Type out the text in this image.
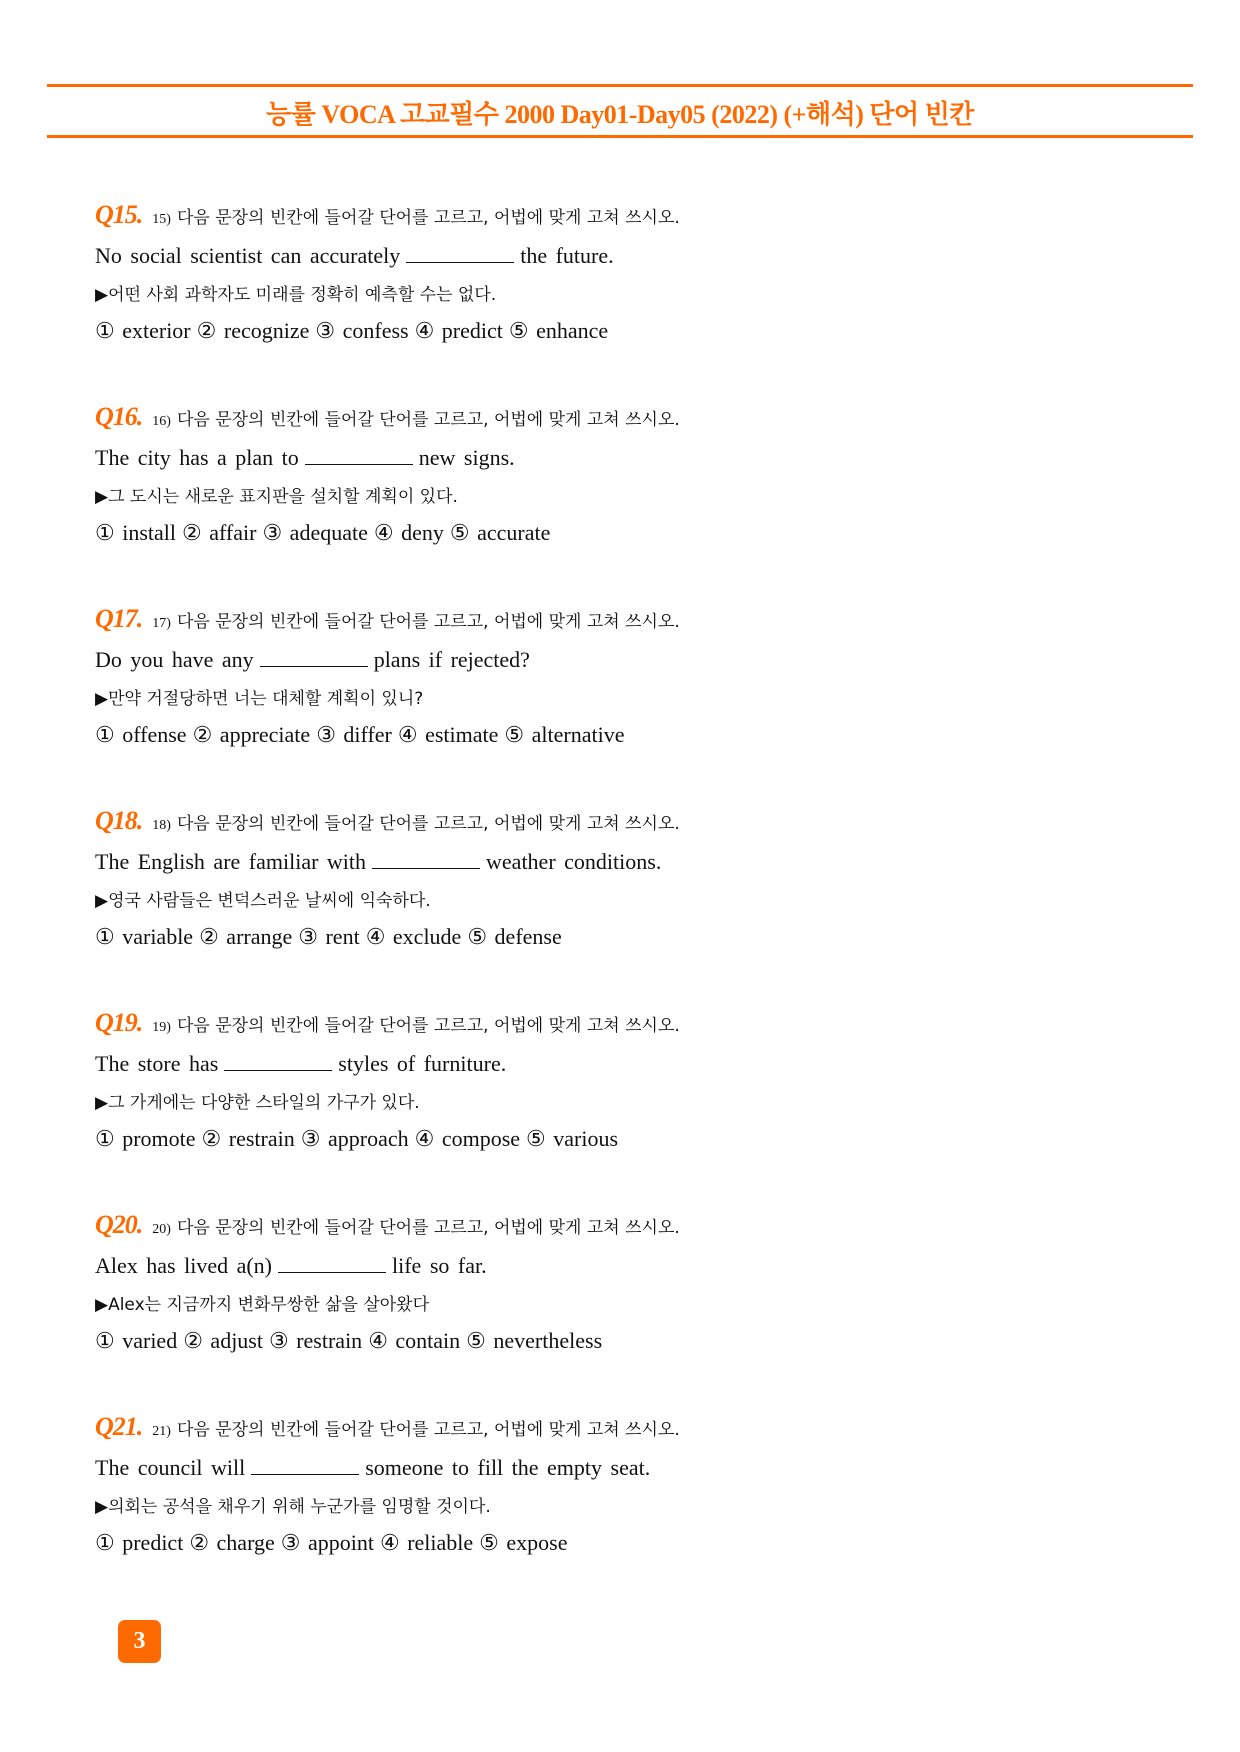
능률 VOCA 고교필수 2000 Day01-Day05 (2022) (+해석) 단어 빈칸
Q15. 15) 다음 문장의 빈칸에 들어갈 단어를 고르고, 어법에 맞게 고쳐 쓰시오.
No social scientist can accurately	the future.
▶어떤 사회 과학자도 미래를 정확히 예측할 수는 없다.
① exterior ② recognize ③ confess ④ predict ⑤ enhance
Q16. 16) 다음 문장의 빈칸에 들어갈 단어를 고르고, 어법에 맞게 고쳐 쓰시오.
The city has a plan to	new signs.
▶그 도시는 새로운 표지판을 설치할 계획이 있다.
① install ② affair ③ adequate ④ deny ⑤ accurate
Q17. 17) 다음 문장의 빈칸에 들어갈 단어를 고르고, 어법에 맞게 고쳐 쓰시오.
Do you have any	plans if rejected?
▶만약 거절당하면 너는 대체할 계획이 있니?
① offense ② appreciate ③ differ ④ estimate ⑤ alternative
Q18. 18) 다음 문장의 빈칸에 들어갈 단어를 고르고, 어법에 맞게 고쳐 쓰시오.
The English are familiar with	weather conditions.
▶영국 사람들은 변덕스러운 날씨에 익숙하다.
① variable ② arrange ③ rent ④ exclude ⑤ defense
Q19. 19) 다음 문장의 빈칸에 들어갈 단어를 고르고, 어법에 맞게 고쳐 쓰시오.
The store has	styles of furniture.
▶그 가게에는 다양한 스타일의 가구가 있다.
① promote ② restrain ③ approach ④ compose ⑤ various
Q20. 20) 다음 문장의 빈칸에 들어갈 단어를 고르고, 어법에 맞게 고쳐 쓰시오.
Alex has lived a(n)	life so far.
▶Alex는 지금까지 변화무쌍한 삶을 살아왔다
① varied ② adjust ③ restrain ④ contain ⑤ nevertheless
Q21. 21) 다음 문장의 빈칸에 들어갈 단어를 고르고, 어법에 맞게 고쳐 쓰시오.
The council will	someone to fill the empty seat.
▶의회는 공석을 채우기 위해 누군가를 임명할 것이다.
① predict ② charge ③ appoint ④ reliable ⑤ expose
3
